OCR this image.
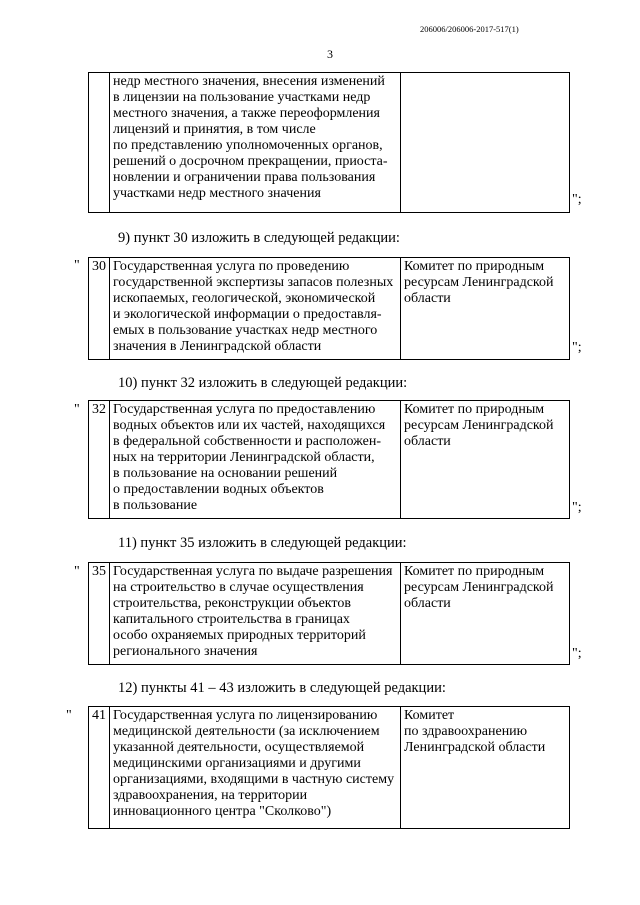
206006/206006-2017-517(1)
3
	недр местного значения, внесения изменений
в лицензии на пользование участками недр
местного значения, а также переоформления
лицензий и принятия, в том числе
по представлению уполномоченных органов,
решений о досрочном прекращении, приоста-
новлении и ограничении права пользования
участками недр местного значения		";
9) пункт 30 изложить в следующей редакции:
" 30	Государственная услуга по проведению
государственной экспертизы запасов полезных
ископаемых, геологической, экономической
и экологической информации о предоставля-
емых в пользование участках недр местного
значения в Ленинградской области	Комитет по природным
ресурсам Ленинградской
области
";
10) пункт 32 изложить в следующей редакции:
" 32	Государственная услуга по предоставлению
водных объектов или их частей, находящихся
в федеральной собственности и расположен-
ных на территории Ленинградской области,
в пользование на основании решений
о предоставлении водных объектов
в пользование	Комитет по природным
ресурсам Ленинградской
области
";
11) пункт 35 изложить в следующей редакции:
" 35	Государственная услуга по выдаче разрешения
на строительство в случае осуществления
строительства, реконструкции объектов
капитального строительства в границах
особо охраняемых природных территорий
регионального значения	Комитет по природным
ресурсам Ленинградской
области
";
12) пункты 41 – 43 изложить в следующей редакции:
" 41	Государственная услуга по лицензированию
медицинской деятельности (за исключением
указанной деятельности, осуществляемой
медицинскими организациями и другими
организациями, входящими в частную систему
здравоохранения, на территории
инновационного центра "Сколково")	Комитет
по здравоохранению
Ленинградской области
